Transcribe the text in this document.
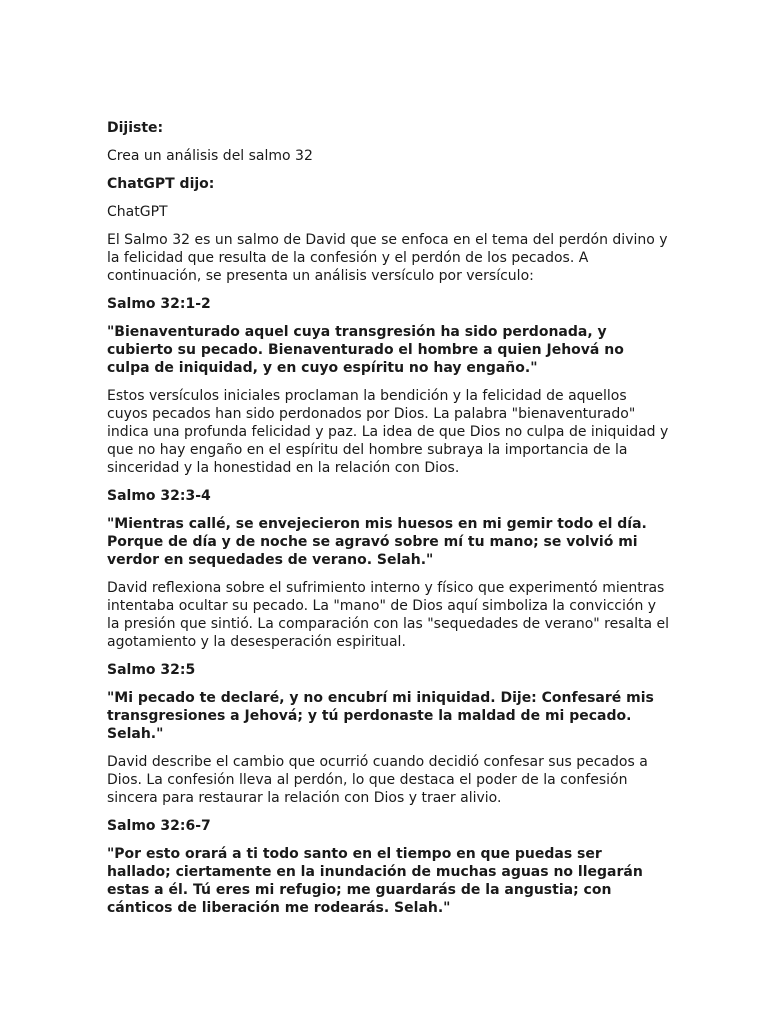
Dijiste:
Crea un análisis del salmo 32
ChatGPT dijo:
ChatGPT
El Salmo 32 es un salmo de David que se enfoca en el tema del perdón divino y
la felicidad que resulta de la confesión y el perdón de los pecados. A
continuación, se presenta un análisis versículo por versículo:
Salmo 32:1-2
"Bienaventurado aquel cuya transgresión ha sido perdonada, y
cubierto su pecado. Bienaventurado el hombre a quien Jehová no
culpa de iniquidad, y en cuyo espíritu no hay engaño."
Estos versículos iniciales proclaman la bendición y la felicidad de aquellos
cuyos pecados han sido perdonados por Dios. La palabra "bienaventurado"
indica una profunda felicidad y paz. La idea de que Dios no culpa de iniquidad y
que no hay engaño en el espíritu del hombre subraya la importancia de la
sinceridad y la honestidad en la relación con Dios.
Salmo 32:3-4
"Mientras callé, se envejecieron mis huesos en mi gemir todo el día.
Porque de día y de noche se agravó sobre mí tu mano; se volvió mi
verdor en sequedades de verano. Selah."
David reflexiona sobre el sufrimiento interno y físico que experimentó mientras
intentaba ocultar su pecado. La "mano" de Dios aquí simboliza la convicción y
la presión que sintió. La comparación con las "sequedades de verano" resalta el
agotamiento y la desesperación espiritual.
Salmo 32:5
"Mi pecado te declaré, y no encubrí mi iniquidad. Dije: Confesaré mis
transgresiones a Jehová; y tú perdonaste la maldad de mi pecado.
Selah."
David describe el cambio que ocurrió cuando decidió confesar sus pecados a
Dios. La confesión lleva al perdón, lo que destaca el poder de la confesión
sincera para restaurar la relación con Dios y traer alivio.
Salmo 32:6-7
"Por esto orará a ti todo santo en el tiempo en que puedas ser
hallado; ciertamente en la inundación de muchas aguas no llegarán
estas a él. Tú eres mi refugio; me guardarás de la angustia; con
cánticos de liberación me rodearás. Selah."
